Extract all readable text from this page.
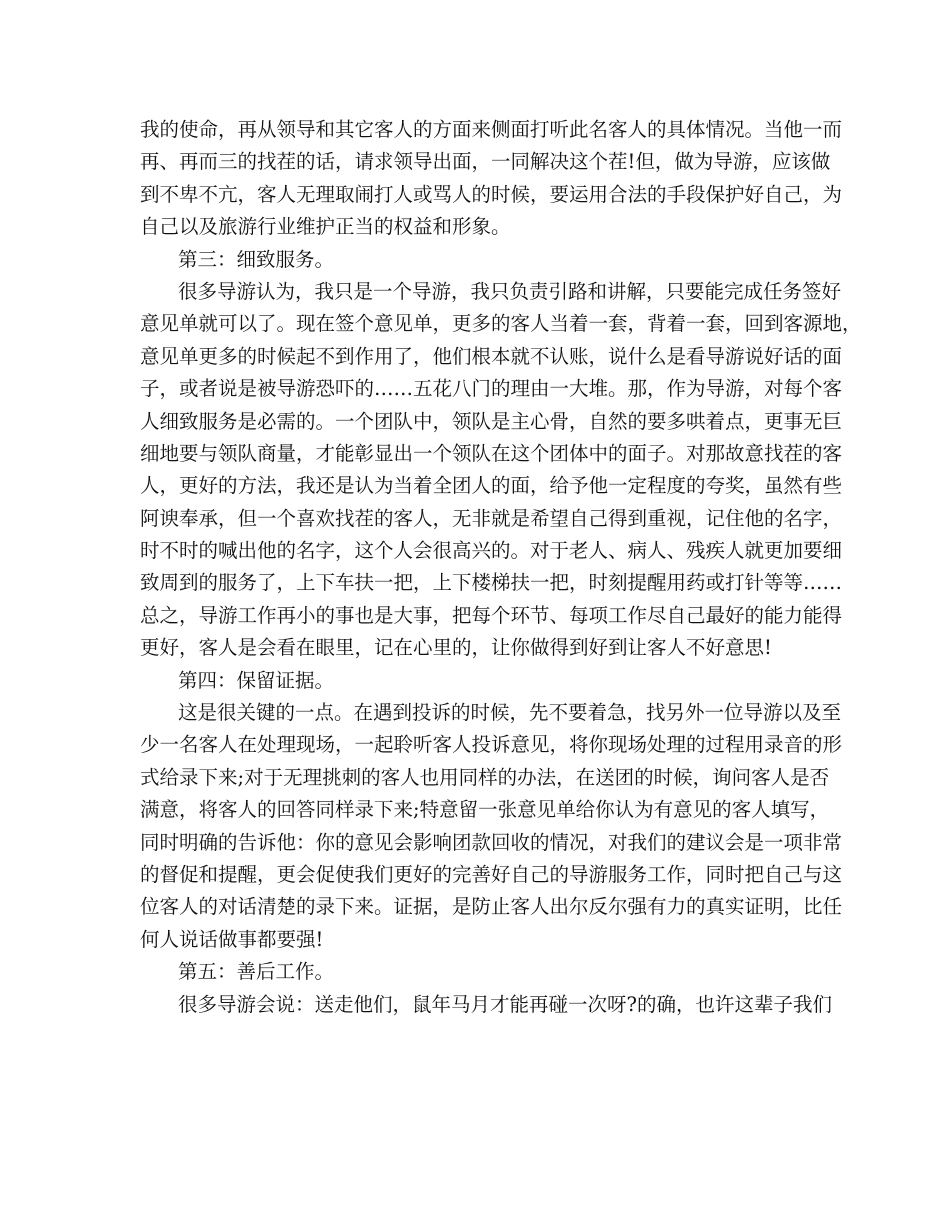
我的使命，再从领导和其它客人的方面来侧面打听此名客人的具体情况。当他一而
再、再而三的找茬的话，请求领导出面，一同解决这个茬!但，做为导游，应该做
到不卑不亢，客人无理取闹打人或骂人的时候，要运用合法的手段保护好自己，为
自己以及旅游行业维护正当的权益和形象。
第三：细致服务。
很多导游认为，我只是一个导游，我只负责引路和讲解，只要能完成任务签好
意见单就可以了。现在签个意见单，更多的客人当着一套，背着一套，回到客源地，
意见单更多的时候起不到作用了，他们根本就不认账，说什么是看导游说好话的面
子，或者说是被导游恐吓的……五花八门的理由一大堆。那，作为导游，对每个客
人细致服务是必需的。一个团队中，领队是主心骨，自然的要多哄着点，更事无巨
细地要与领队商量，才能彰显出一个领队在这个团体中的面子。对那故意找茬的客
人，更好的方法，我还是认为当着全团人的面，给予他一定程度的夸奖，虽然有些
阿谀奉承，但一个喜欢找茬的客人，无非就是希望自己得到重视，记住他的名字，
时不时的喊出他的名字，这个人会很高兴的。对于老人、病人、残疾人就更加要细
致周到的服务了，上下车扶一把，上下楼梯扶一把，时刻提醒用药或打针等等……
总之，导游工作再小的事也是大事，把每个环节、每项工作尽自己最好的能力能得
更好，客人是会看在眼里，记在心里的，让你做得到好到让客人不好意思!
第四：保留证据。
这是很关键的一点。在遇到投诉的时候，先不要着急，找另外一位导游以及至
少一名客人在处理现场，一起聆听客人投诉意见，将你现场处理的过程用录音的形
式给录下来;对于无理挑刺的客人也用同样的办法，在送团的时候，询问客人是否
满意，将客人的回答同样录下来;特意留一张意见单给你认为有意见的客人填写，
同时明确的告诉他：你的意见会影响团款回收的情况，对我们的建议会是一项非常
的督促和提醒，更会促使我们更好的完善好自己的导游服务工作，同时把自己与这
位客人的对话清楚的录下来。证据，是防止客人出尔反尔强有力的真实证明，比任
何人说话做事都要强!
第五：善后工作。
很多导游会说：送走他们，鼠年马月才能再碰一次呀?的确，也许这辈子我们
